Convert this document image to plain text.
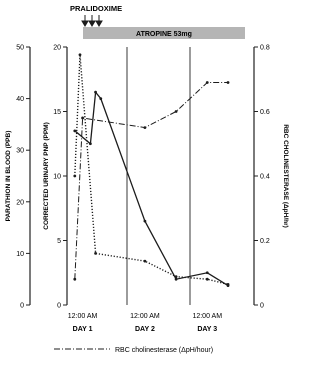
PRALIDOXIME
ATROPINE 53mg
PARATHION IN BLOOD (PPB)	CORRECTED URINARY PNP (PPM)	RBC CHOLINESTERASE (ΔpH/hr)
0
10
20
30
40
50
0
5
10
15
20
0
0.2
0.4
0.6
0.8
12:00 AM
DAY 1
12:00 AM
DAY 2
12:00 AM
DAY 3
RBC cholinesterase (ΔpH/hour)
